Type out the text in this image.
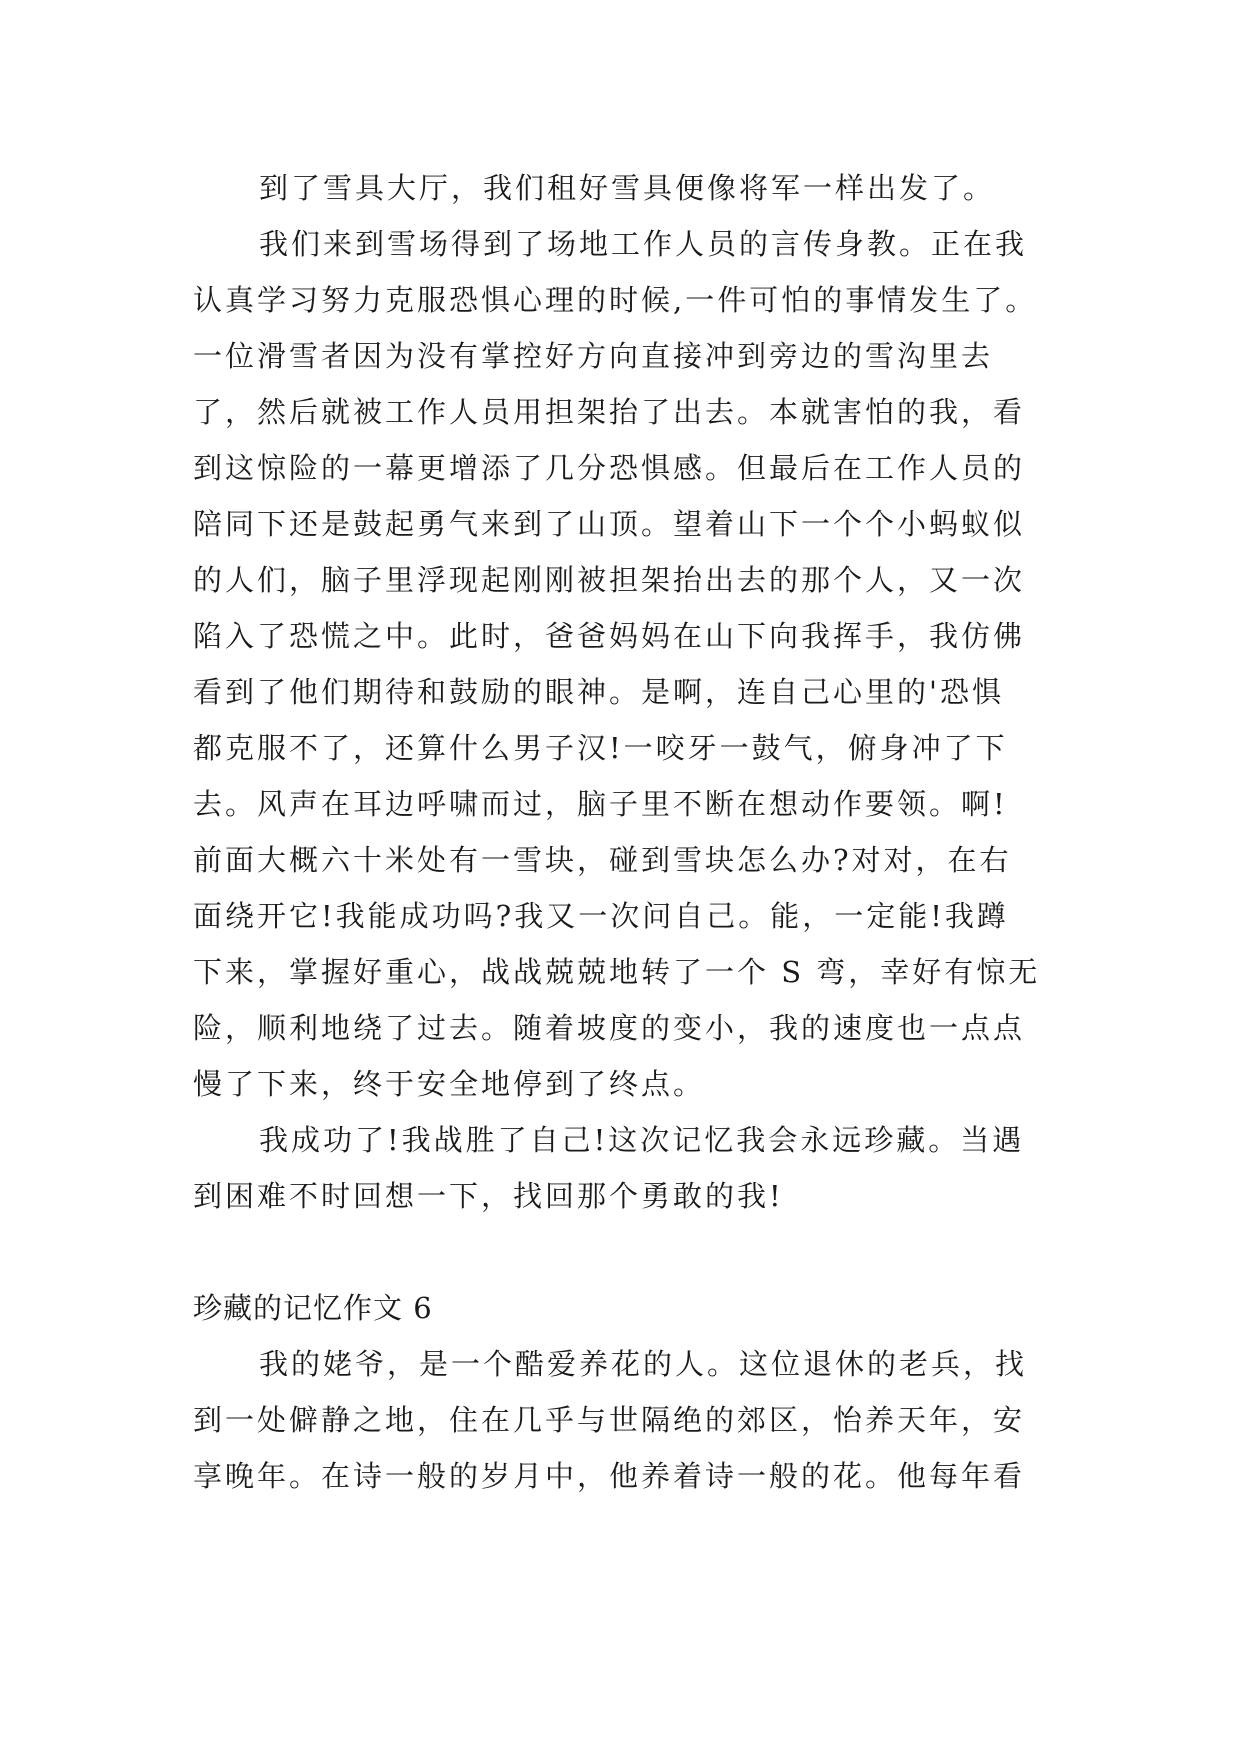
到了雪具大厅，我们租好雪具便像将军一样出发了。
我们来到雪场得到了场地工作人员的言传身教。正在我
认真学习努力克服恐惧心理的时候,一件可怕的事情发生了。
一位滑雪者因为没有掌控好方向直接冲到旁边的雪沟里去
了，然后就被工作人员用担架抬了出去。本就害怕的我，看
到这惊险的一幕更增添了几分恐惧感。但最后在工作人员的
陪同下还是鼓起勇气来到了山顶。望着山下一个个小蚂蚁似
的人们，脑子里浮现起刚刚被担架抬出去的那个人，又一次
陷入了恐慌之中。此时，爸爸妈妈在山下向我挥手，我仿佛
看到了他们期待和鼓励的眼神。是啊，连自己心里的'恐惧
都克服不了，还算什么男子汉!一咬牙一鼓气，俯身冲了下
去。风声在耳边呼啸而过，脑子里不断在想动作要领。啊!
前面大概六十米处有一雪块，碰到雪块怎么办?对对，在右
面绕开它!我能成功吗?我又一次问自己。能，一定能!我蹲
下来，掌握好重心，战战兢兢地转了一个 S 弯，幸好有惊无
险，顺利地绕了过去。随着坡度的变小，我的速度也一点点
慢了下来，终于安全地停到了终点。
我成功了!我战胜了自己!这次记忆我会永远珍藏。当遇
到困难不时回想一下，找回那个勇敢的我!
珍藏的记忆作文 6
我的姥爷，是一个酷爱养花的人。这位退休的老兵，找
到一处僻静之地，住在几乎与世隔绝的郊区，怡养天年，安
享晚年。在诗一般的岁月中，他养着诗一般的花。他每年看
